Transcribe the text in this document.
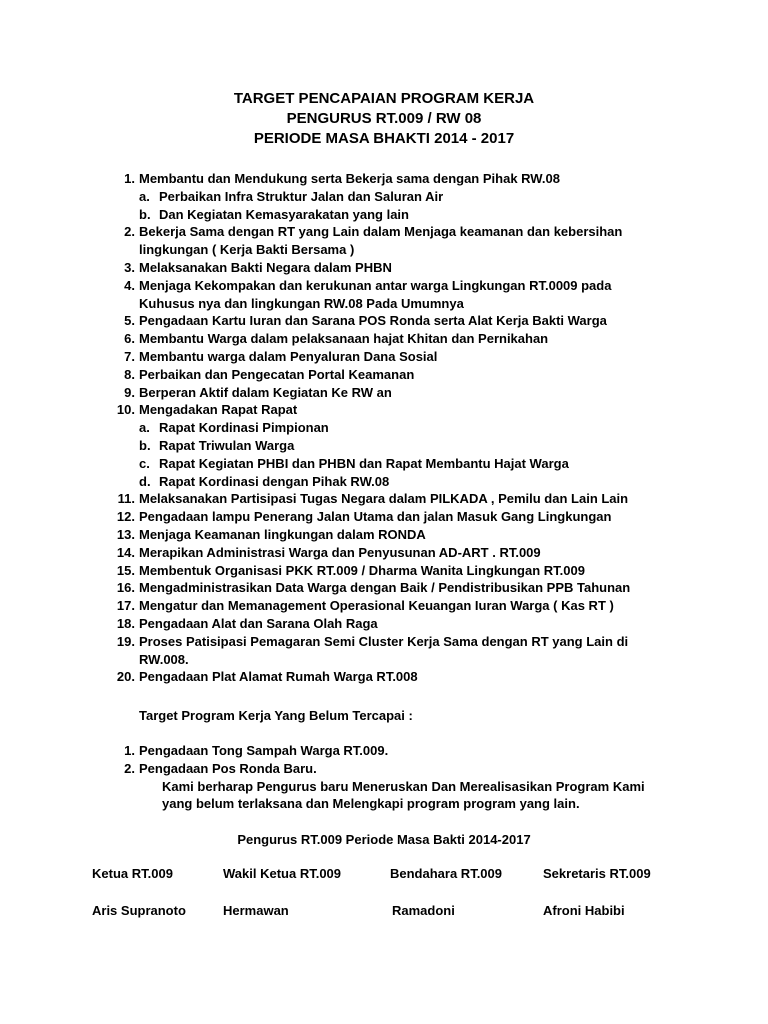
TARGET PENCAPAIAN PROGRAM KERJA
PENGURUS RT.009 / RW 08
PERIODE MASA BHAKTI 2014 - 2017
1. Membantu dan Mendukung serta Bekerja sama dengan Pihak RW.08
a. Perbaikan Infra Struktur Jalan dan Saluran Air
b. Dan Kegiatan Kemasyarakatan yang lain
2. Bekerja Sama dengan RT yang Lain dalam Menjaga keamanan dan kebersihan
lingkungan ( Kerja Bakti Bersama )
3. Melaksanakan Bakti Negara dalam PHBN
4. Menjaga Kekompakan dan kerukunan antar warga Lingkungan RT.0009 pada
Kuhusus nya dan lingkungan RW.08 Pada Umumnya
5. Pengadaan Kartu Iuran dan Sarana POS Ronda serta Alat Kerja Bakti Warga
6. Membantu Warga dalam pelaksanaan hajat Khitan dan Pernikahan
7. Membantu warga dalam Penyaluran Dana Sosial
8. Perbaikan dan Pengecatan Portal Keamanan
9. Berperan Aktif dalam Kegiatan Ke RW an
10. Mengadakan Rapat Rapat
a. Rapat Kordinasi Pimpionan
b. Rapat Triwulan Warga
c. Rapat Kegiatan PHBI dan PHBN dan Rapat Membantu Hajat Warga
d. Rapat Kordinasi dengan Pihak RW.08
11. Melaksanakan Partisipasi Tugas Negara dalam PILKADA , Pemilu dan Lain Lain
12. Pengadaan lampu Penerang Jalan Utama dan jalan Masuk Gang Lingkungan
13. Menjaga Keamanan lingkungan dalam RONDA
14. Merapikan Administrasi Warga dan Penyusunan AD-ART . RT.009
15. Membentuk Organisasi PKK RT.009 / Dharma Wanita Lingkungan RT.009
16. Mengadministrasikan Data Warga dengan Baik / Pendistribusikan PPB Tahunan
17. Mengatur dan Memanagement Operasional Keuangan Iuran Warga ( Kas RT )
18. Pengadaan Alat dan Sarana Olah Raga
19. Proses Patisipasi Pemagaran Semi Cluster Kerja Sama dengan RT yang Lain di
RW.008.
20. Pengadaan Plat Alamat Rumah Warga RT.008
Target Program Kerja Yang Belum Tercapai :
1. Pengadaan Tong Sampah Warga RT.009.
2. Pengadaan Pos Ronda Baru.
Kami berharap Pengurus baru Meneruskan Dan Merealisasikan Program Kami
yang belum terlaksana dan Melengkapi program program yang lain.
Pengurus RT.009 Periode Masa Bakti 2014-2017
Ketua RT.009	Wakil Ketua RT.009	Bendahara RT.009	Sekretaris RT.009
Aris Supranoto	Hermawan	Ramadoni	Afroni Habibi
